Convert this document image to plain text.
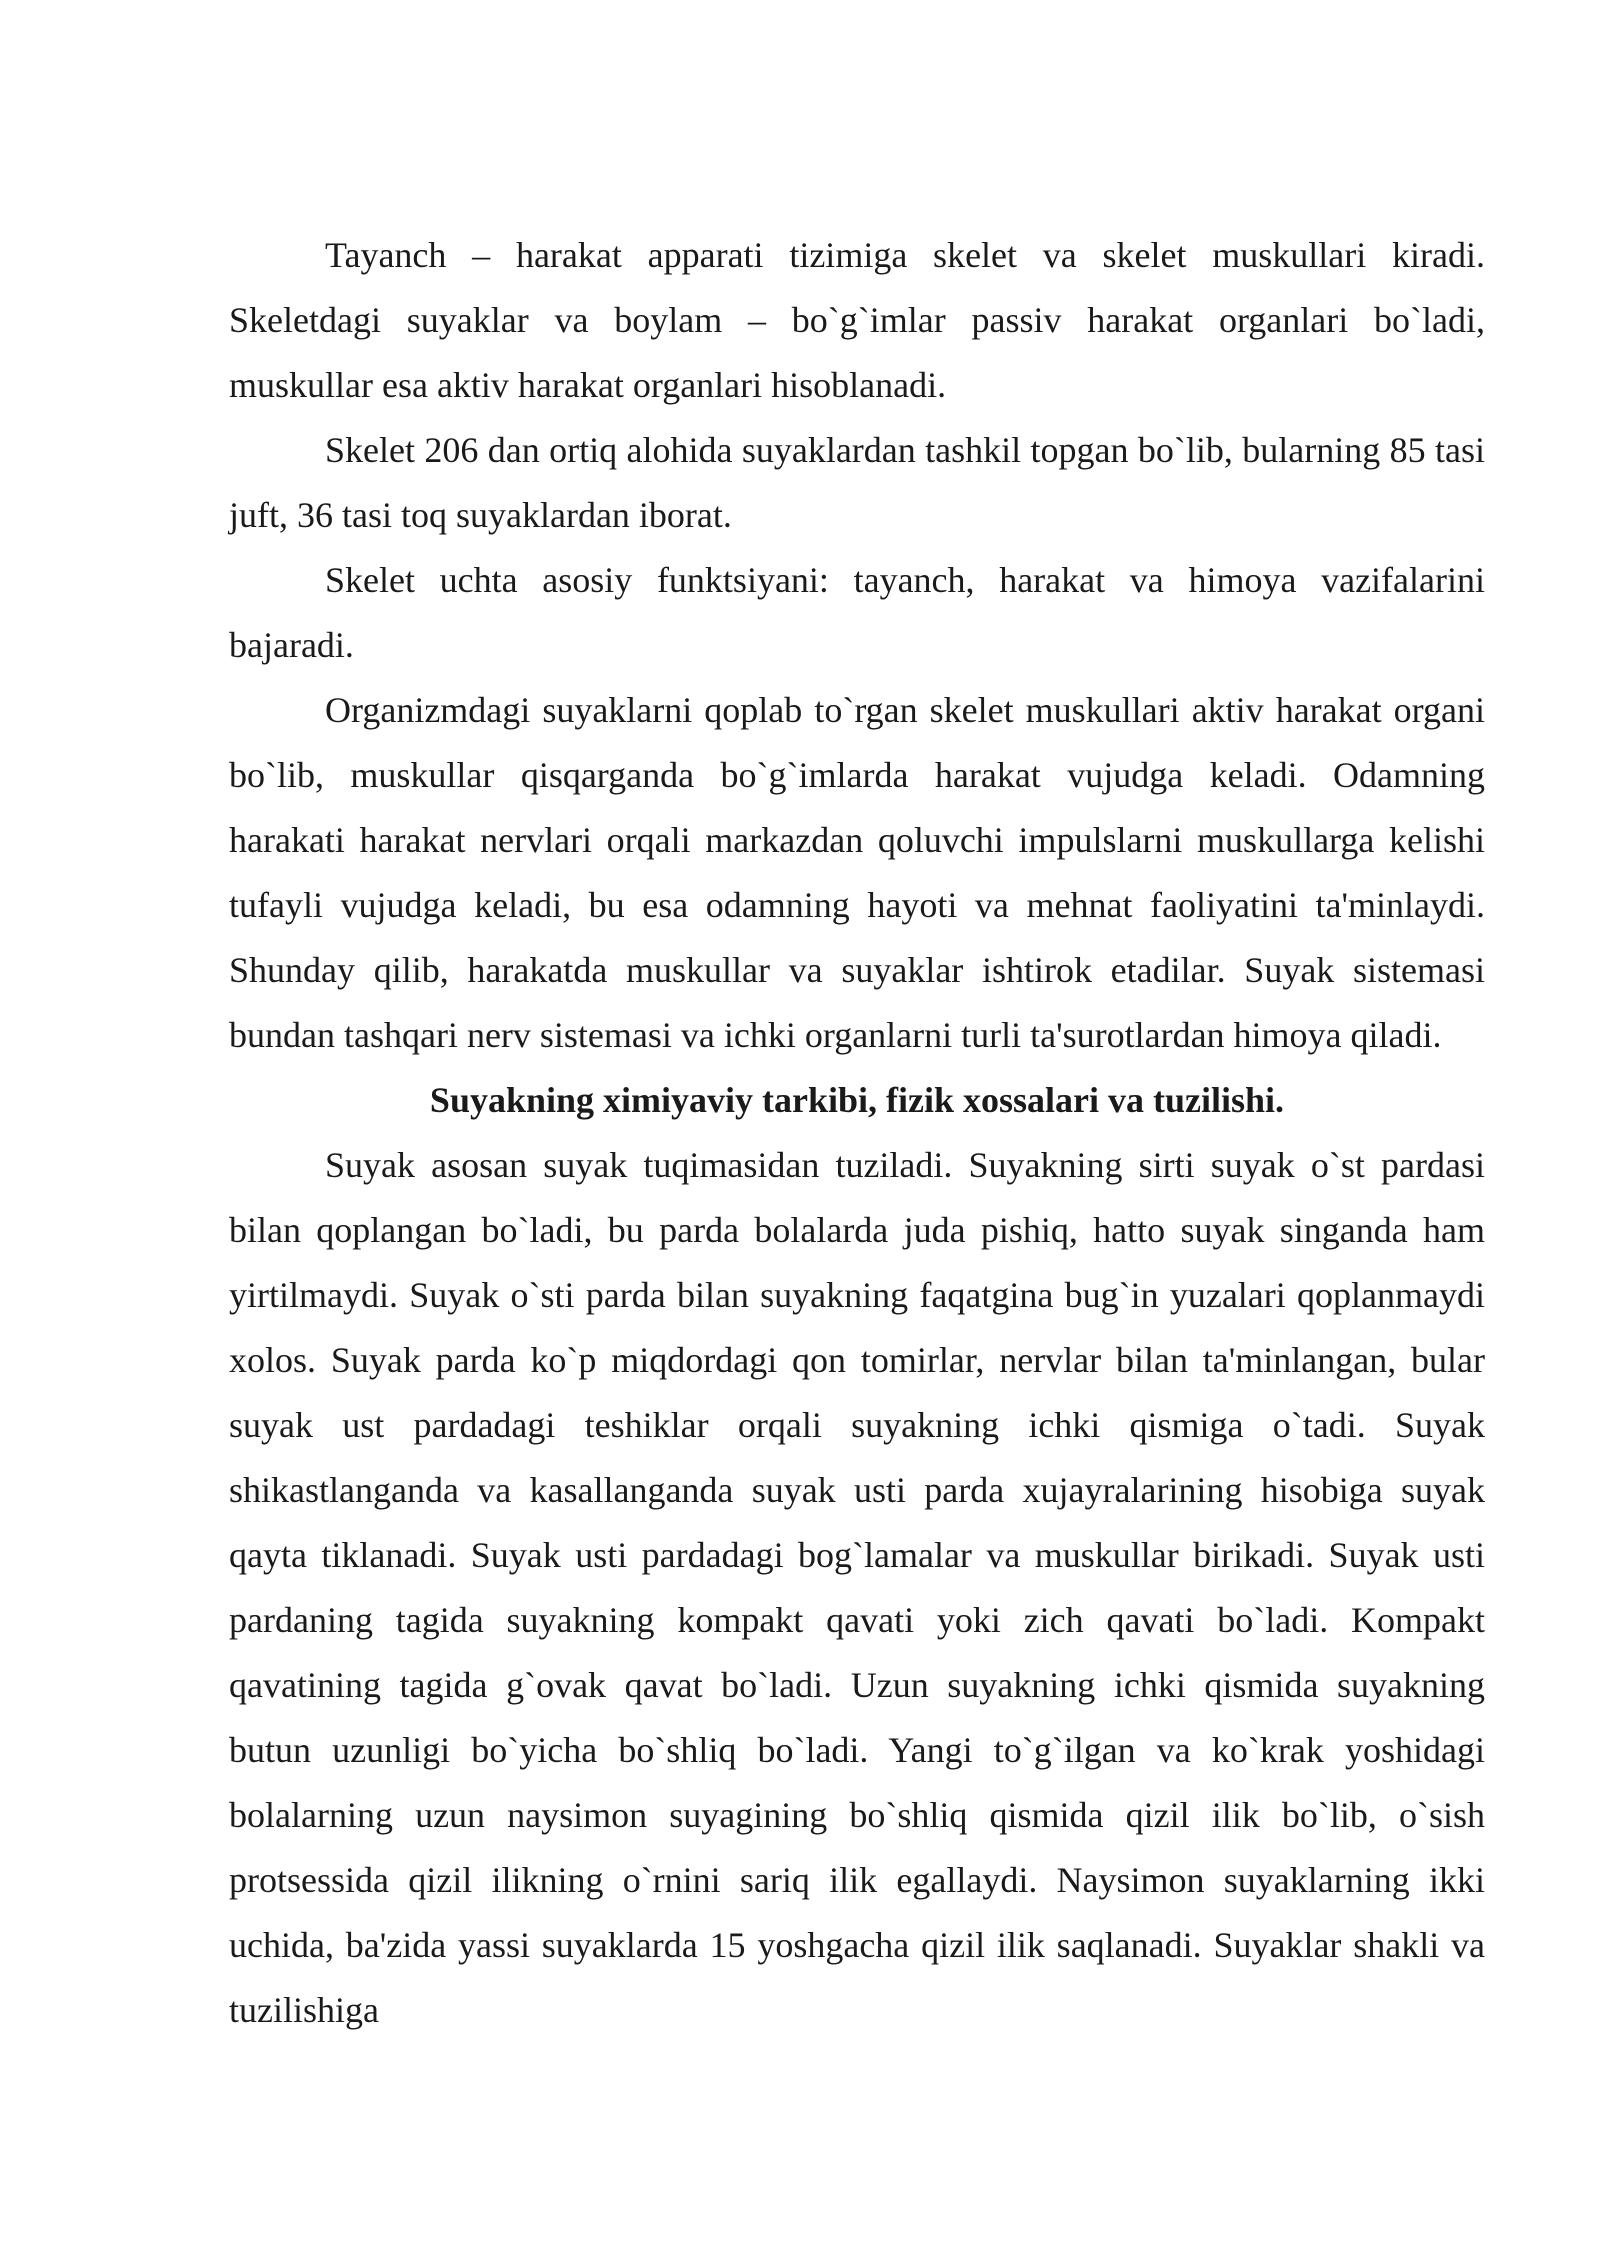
Tayanch – harakat apparati tizimiga skelet va skelet muskullari kiradi. Skeletdagi suyaklar va boylam – bo`g`imlar passiv harakat organlari bo`ladi, muskullar esa aktiv harakat organlari hisoblanadi.

Skelet 206 dan ortiq alohida suyaklardan tashkil topgan bo`lib, bularning 85 tasi juft, 36 tasi toq suyaklardan iborat.

Skelet uchta asosiy funktsiyani: tayanch, harakat va himoya vazifalarini bajaradi.

Organizmdagi suyaklarni qoplab to`rgan skelet muskullari aktiv harakat organi bo`lib, muskullar qisqarganda bo`g`imlarda harakat vujudga keladi. Odamning harakati harakat nervlari orqali markazdan qoluvchi impulslarni muskullarga kelishi tufayli vujudga keladi, bu esa odamning hayoti va mehnat faoliyatini ta'minlaydi. Shunday qilib, harakatda muskullar va suyaklar ishtirok etadilar. Suyak sistemasi bundan tashqari nerv sistemasi va ichki organlarni turli ta'surotlardan himoya qiladi.

Suyakning ximiyaviy tarkibi, fizik xossalari va tuzilishi.

Suyak asosan suyak tuqimasidan tuziladi. Suyakning sirti suyak o`st pardasi bilan qoplangan bo`ladi, bu parda bolalarda juda pishiq, hatto suyak singanda ham yirtilmaydi. Suyak o`sti parda bilan suyakning faqatgina bug`in yuzalari qoplanmaydi xolos. Suyak parda ko`p miqdordagi qon tomirlar, nervlar bilan ta'minlangan, bular suyak ust pardadagi teshiklar orqali suyakning ichki qismiga o`tadi. Suyak shikastlanganda va kasallanganda suyak usti parda xujayralarining hisobiga suyak qayta tiklanadi. Suyak usti pardadagi bog`lamalar va muskullar birikadi. Suyak usti pardaning tagida suyakning kompakt qavati yoki zich qavati bo`ladi. Kompakt qavatining tagida g`ovak qavat bo`ladi. Uzun suyakning ichki qismida suyakning butun uzunligi bo`yicha bo`shliq bo`ladi. Yangi to`g`ilgan va ko`krak yoshidagi bolalarning uzun naysimon suyagining bo`shliq qismida qizil ilik bo`lib, o`sish protsessida qizil ilikning o`rnini sariq ilik egallaydi. Naysimon suyaklarning ikki uchida, ba'zida yassi suyaklarda 15 yoshgacha qizil ilik saqlanadi. Suyaklar shakli va tuzilishiga
